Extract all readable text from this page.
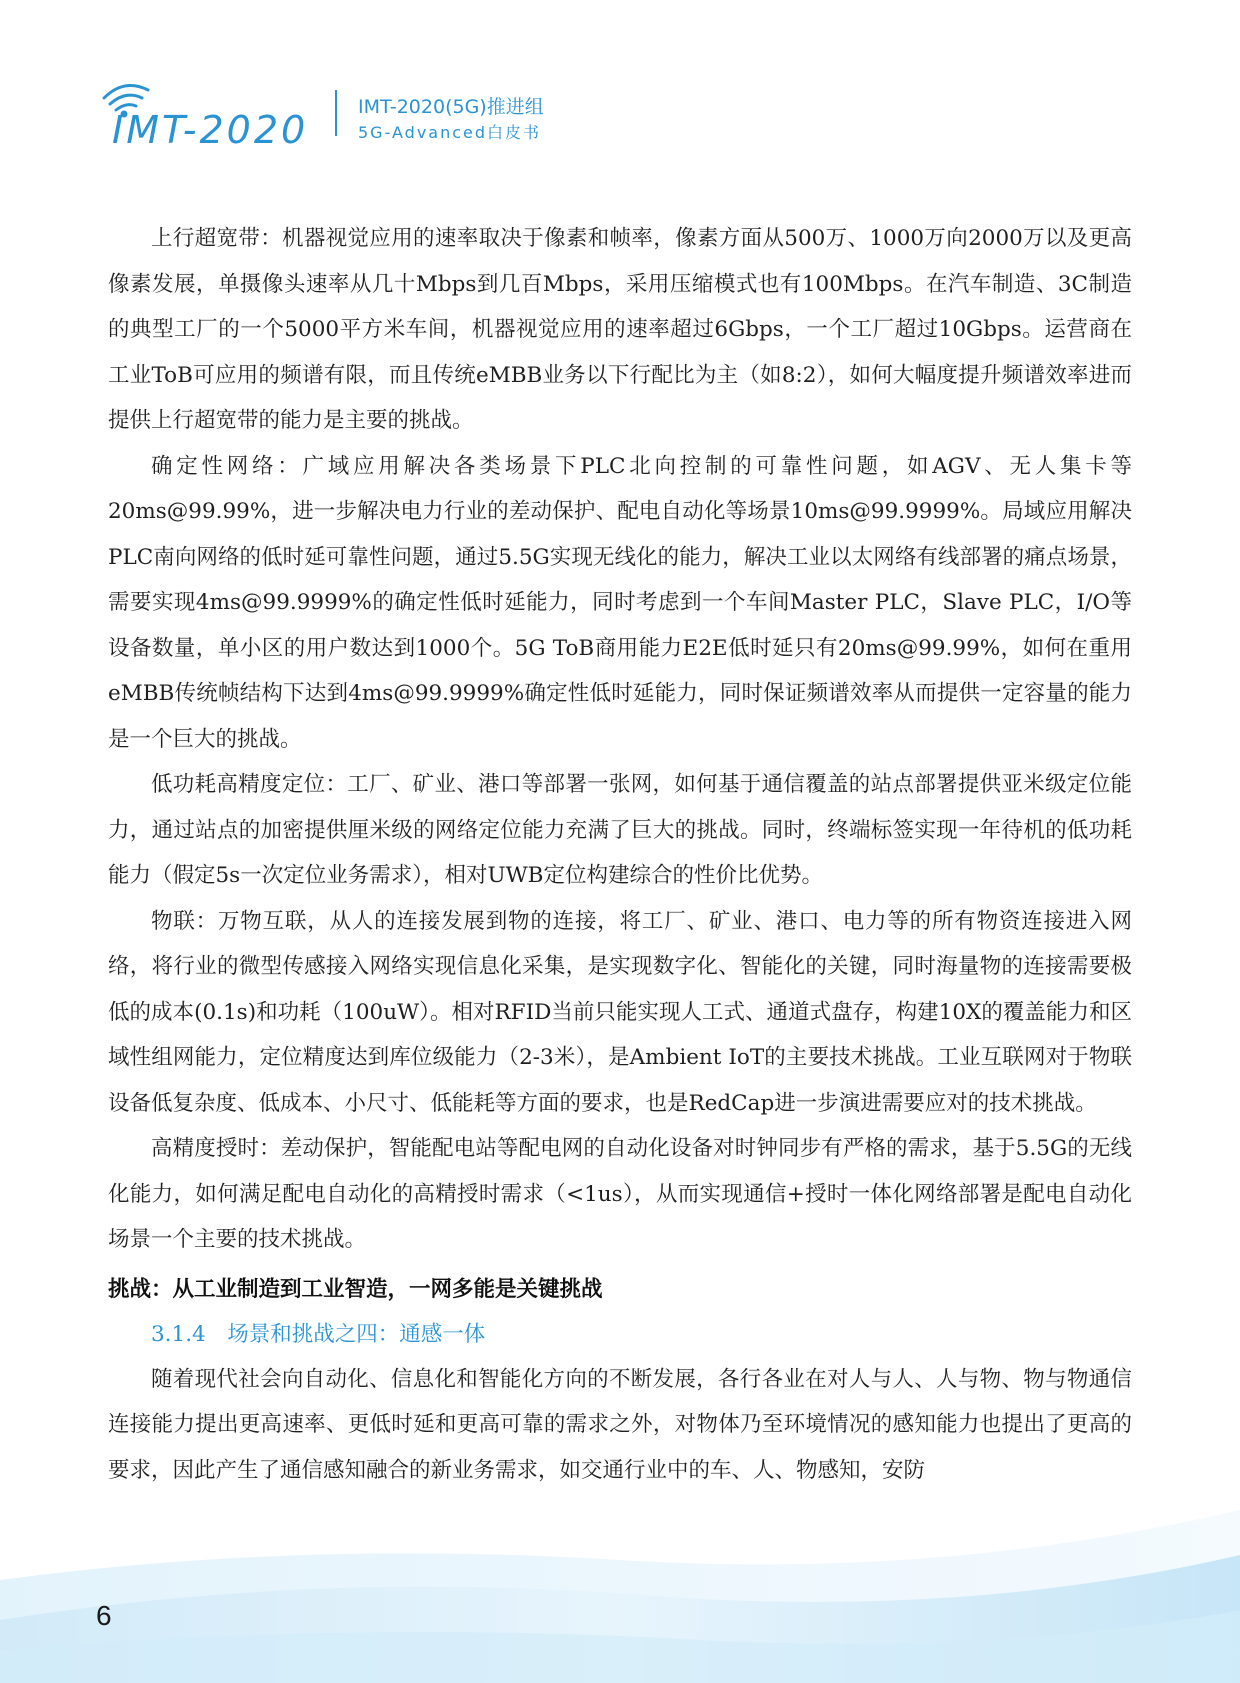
IMT-2020
IMT-2020(5G)推进组
5G-Advanced白皮书

上行超宽带：机器视觉应用的速率取决于像素和帧率，像素方面从500万、1000万向2000万以及更高像素发展，单摄像头速率从几十Mbps到几百Mbps，采用压缩模式也有100Mbps。在汽车制造、3C制造的典型工厂的一个5000平方米车间，机器视觉应用的速率超过6Gbps，一个工厂超过10Gbps。运营商在工业ToB可应用的频谱有限，而且传统eMBB业务以下行配比为主（如8:2），如何大幅度提升频谱效率进而提供上行超宽带的能力是主要的挑战。

确定性网络：广域应用解决各类场景下PLC北向控制的可靠性问题，如AGV、无人集卡等20ms@99.99%，进一步解决电力行业的差动保护、配电自动化等场景10ms@99.9999%。局域应用解决PLC南向网络的低时延可靠性问题，通过5.5G实现无线化的能力，解决工业以太网络有线部署的痛点场景，需要实现4ms@99.9999%的确定性低时延能力，同时考虑到一个车间Master PLC，Slave PLC，I/O等设备数量，单小区的用户数达到1000个。5G ToB商用能力E2E低时延只有20ms@99.99%，如何在重用eMBB传统帧结构下达到4ms@99.9999%确定性低时延能力，同时保证频谱效率从而提供一定容量的能力是一个巨大的挑战。

低功耗高精度定位：工厂、矿业、港口等部署一张网，如何基于通信覆盖的站点部署提供亚米级定位能力，通过站点的加密提供厘米级的网络定位能力充满了巨大的挑战。同时，终端标签实现一年待机的低功耗能力（假定5s一次定位业务需求），相对UWB定位构建综合的性价比优势。

物联：万物互联，从人的连接发展到物的连接，将工厂、矿业、港口、电力等的所有物资连接进入网络，将行业的微型传感接入网络实现信息化采集，是实现数字化、智能化的关键，同时海量物的连接需要极低的成本(0.1s)和功耗（100uW）。相对RFID当前只能实现人工式、通道式盘存，构建10X的覆盖能力和区域性组网能力，定位精度达到库位级能力（2-3米），是Ambient IoT的主要技术挑战。工业互联网对于物联设备低复杂度、低成本、小尺寸、低能耗等方面的要求，也是RedCap进一步演进需要应对的技术挑战。

高精度授时：差动保护，智能配电站等配电网的自动化设备对时钟同步有严格的需求，基于5.5G的无线化能力，如何满足配电自动化的高精授时需求（<1us），从而实现通信+授时一体化网络部署是配电自动化场景一个主要的技术挑战。

挑战：从工业制造到工业智造，一网多能是关键挑战

3.1.4　场景和挑战之四：通感一体

随着现代社会向自动化、信息化和智能化方向的不断发展，各行各业在对人与人、人与物、物与物通信连接能力提出更高速率、更低时延和更高可靠的需求之外，对物体乃至环境情况的感知能力也提出了更高的要求，因此产生了通信感知融合的新业务需求，如交通行业中的车、人、物感知，安防

6
